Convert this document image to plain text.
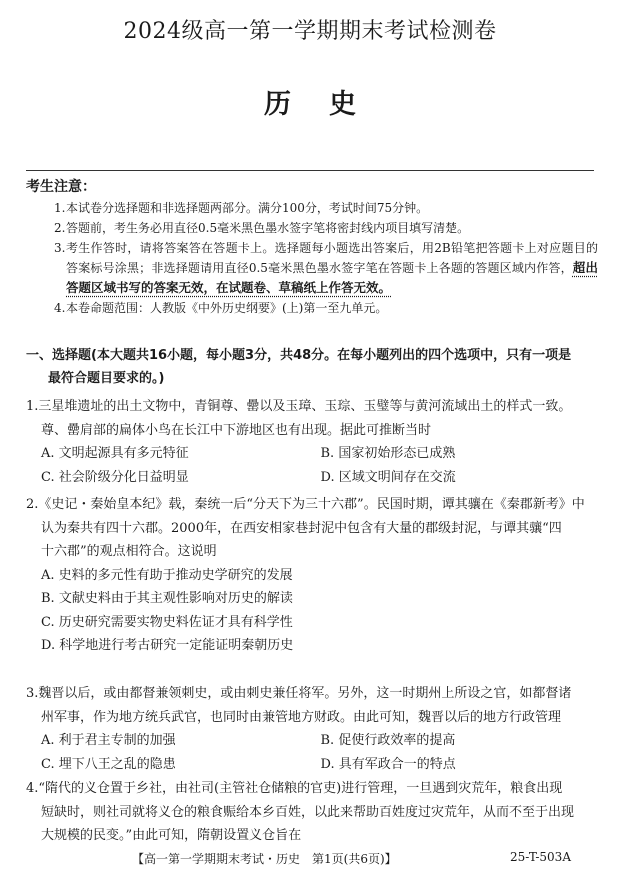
2024级高一第一学期期末考试检测卷
历史
考生注意：
1. 本试卷分选择题和非选择题两部分。满分100分，考试时间75分钟。
2. 答题前，考生务必用直径0.5毫米黑色墨水签字笔将密封线内项目填写清楚。
3. 考生作答时，请将答案答在答题卡上。选择题每小题选出答案后，用2B铅笔把答题卡上对应题目的答案标号涂黑；非选择题请用直径0.5毫米黑色墨水签字笔在答题卡上各题的答题区域内作答，超出答题区域书写的答案无效，在试题卷、草稿纸上作答无效。
4. 本卷命题范围：人教版《中外历史纲要》(上)第一至九单元。
一、选择题(本大题共16小题，每小题3分，共48分。在每小题列出的四个选项中，只有一项是
最符合题目要求的。)
1.三星堆遗址的出土文物中，青铜尊、罍以及玉璋、玉琮、玉璧等与黄河流域出土的样式一致。
尊、罍肩部的扁体小鸟在长江中下游地区也有出现。据此可推断当时
A. 文明起源具有多元特征	B. 国家初始形态已成熟
C. 社会阶级分化日益明显	D. 区域文明间存在交流
2.《史记・秦始皇本纪》载，秦统一后“分天下为三十六郡”。民国时期，谭其骧在《秦郡新考》中
认为秦共有四十六郡。2000年，在西安相家巷封泥中包含有大量的郡级封泥，与谭其骧“四
十六郡”的观点相符合。这说明
A. 史料的多元性有助于推动史学研究的发展
B. 文献史料由于其主观性影响对历史的解读
C. 历史研究需要实物史料佐证才具有科学性
D. 科学地进行考古研究一定能证明秦朝历史
3.魏晋以后，或由都督兼领刺史，或由刺史兼任将军。另外，这一时期州上所设之官，如都督诸
州军事，作为地方统兵武官，也同时由兼管地方财政。由此可知，魏晋以后的地方行政管理
A. 利于君主专制的加强	B. 促使行政效率的提高
C. 埋下八王之乱的隐患	D. 具有军政合一的特点
4.“隋代的义仓置于乡社，由社司(主管社仓储粮的官吏)进行管理，一旦遇到灾荒年，粮食出现
短缺时，则社司就将义仓的粮食赈给本乡百姓，以此来帮助百姓度过灾荒年，从而不至于出现
大规模的民变。”由此可知，隋朝设置义仓旨在
【高一第一学期期末考试・历史　第1页(共6页)】	25-T-503A
